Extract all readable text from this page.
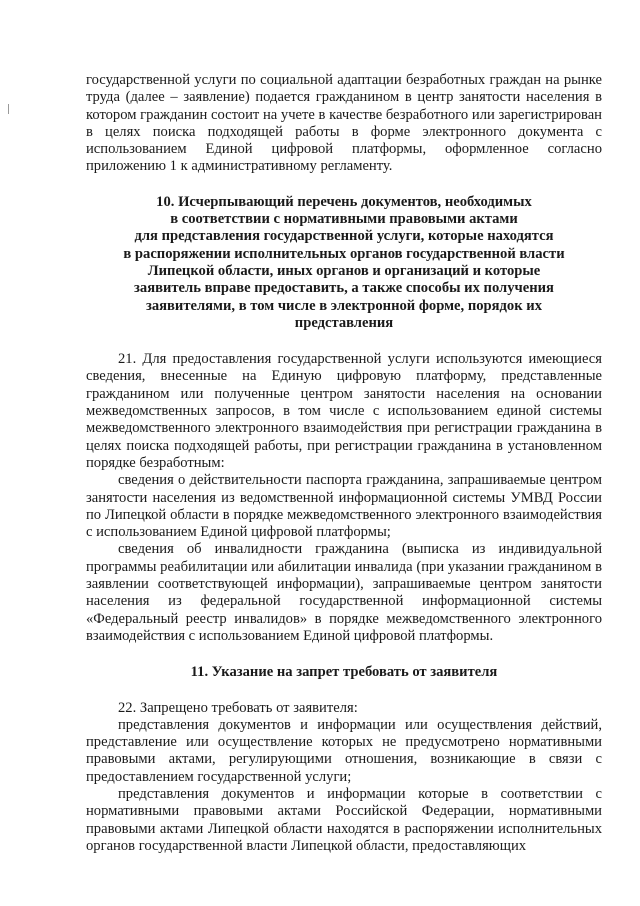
государственной услуги по социальной адаптации безработных граждан на рынке труда (далее – заявление) подается гражданином в центр занятости населения в котором гражданин состоит на учете в качестве безработного или зарегистрирован в целях поиска подходящей работы в форме электронного документа с использованием Единой цифровой платформы, оформленное согласно приложению 1 к административному регламенту.

10. Исчерпывающий перечень документов, необходимых
в соответствии с нормативными правовыми актами
для представления государственной услуги, которые находятся
в распоряжении исполнительных органов государственной власти
Липецкой области, иных органов и организаций и которые
заявитель вправе предоставить, а также способы их получения
заявителями, в том числе в электронной форме, порядок их
представления

21. Для предоставления государственной услуги используются имеющиеся сведения, внесенные на Единую цифровую платформу, представленные гражданином или полученные центром занятости населения на основании межведомственных запросов, в том числе с использованием единой системы межведомственного электронного взаимодействия при регистрации гражданина в целях поиска подходящей работы, при регистрации гражданина в установленном порядке безработным:

сведения о действительности паспорта гражданина, запрашиваемые центром занятости населения из ведомственной информационной системы УМВД России по Липецкой области в порядке межведомственного электронного взаимодействия с использованием Единой цифровой платформы;

сведения об инвалидности гражданина (выписка из индивидуальной программы реабилитации или абилитации инвалида (при указании гражданином в заявлении соответствующей информации), запрашиваемые центром занятости населения из федеральной государственной информационной системы «Федеральный реестр инвалидов» в порядке межведомственного электронного взаимодействия с использованием Единой цифровой платформы.

11. Указание на запрет требовать от заявителя

22. Запрещено требовать от заявителя:

представления документов и информации или осуществления действий, представление или осуществление которых не предусмотрено нормативными правовыми актами, регулирующими отношения, возникающие в связи с предоставлением государственной услуги;

представления документов и информации которые в соответствии с нормативными правовыми актами Российской Федерации, нормативными правовыми актами Липецкой области находятся в распоряжении исполнительных органов государственной власти Липецкой области, предоставляющих
